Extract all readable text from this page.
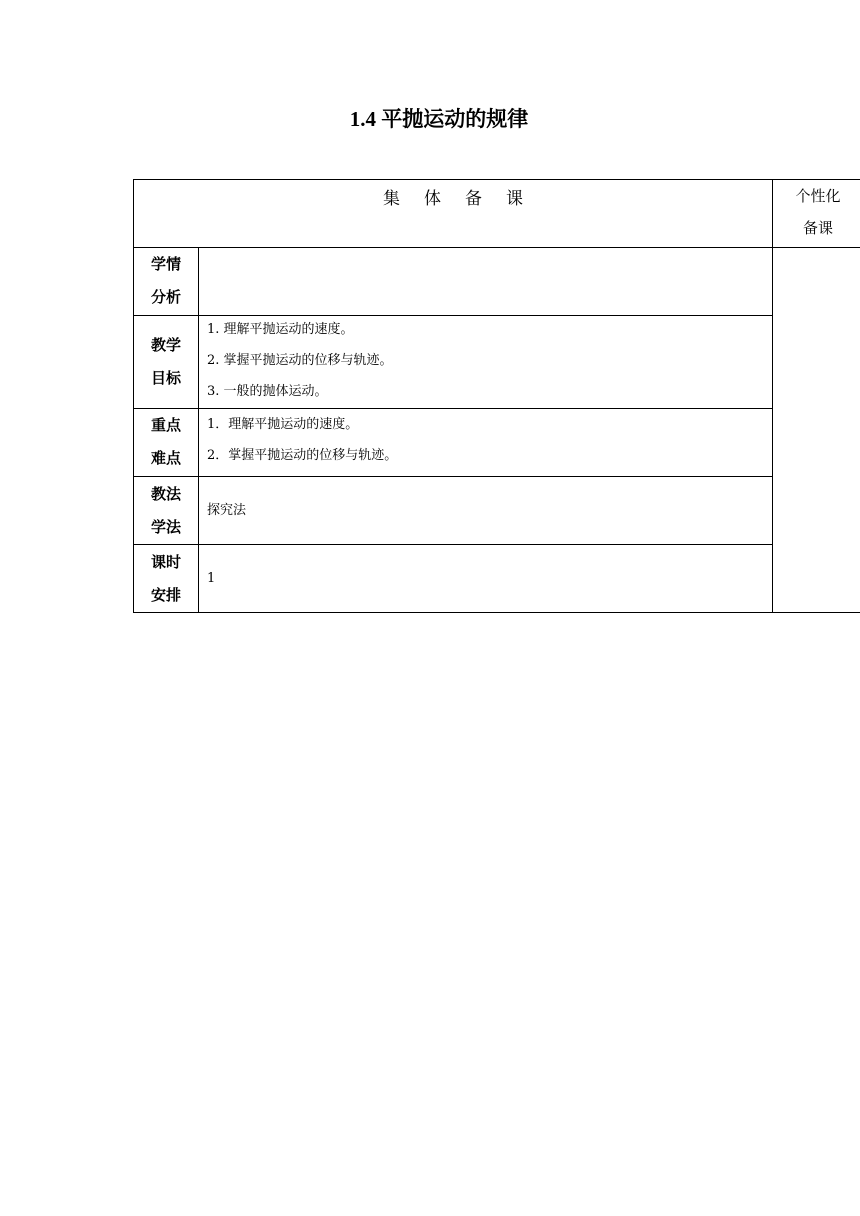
1.4 平抛运动的规律
集体备课		个性化
备课

学情
分析		

教学
目标	1. 理解平抛运动的速度。
2. 掌握平抛运动的位移与轨迹。
3. 一般的抛体运动。	

重点
难点	1．理解平抛运动的速度。
2．掌握平抛运动的位移与轨迹。	

教法
学法	探究法	

课时
安排	1	
